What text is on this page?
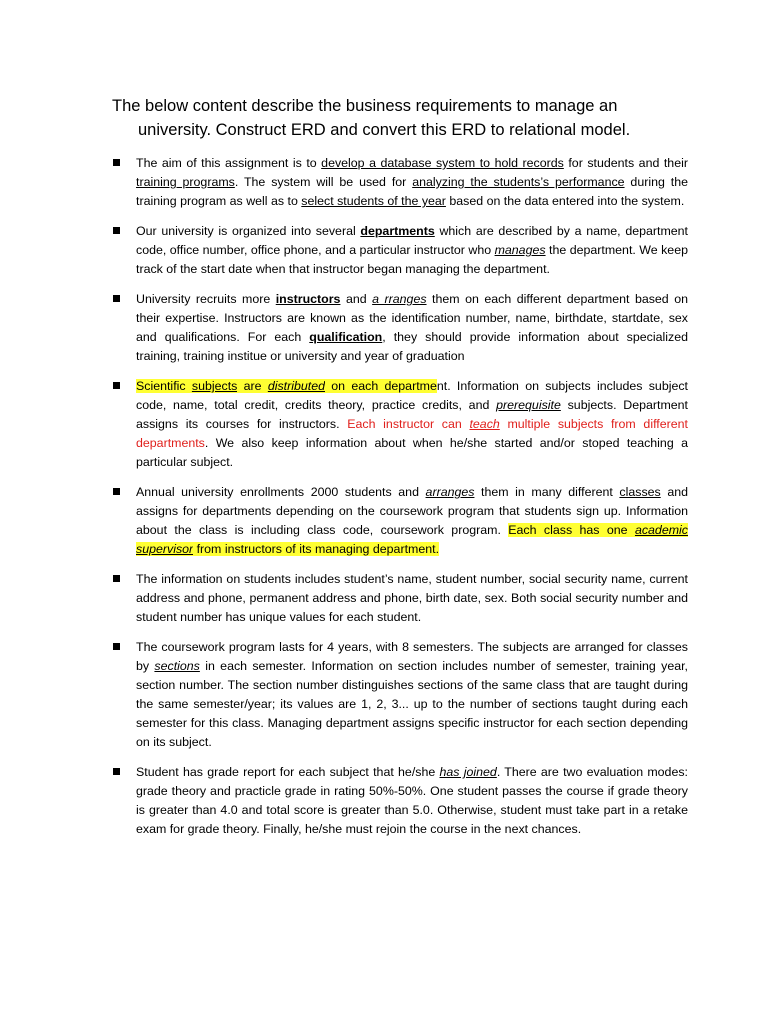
The below content describe the business requirements to manage an
university. Construct ERD and convert this ERD to relational model.
The aim of this assignment is to develop a database system to hold records for students and their training programs. The system will be used for analyzing the students’s performance during the training program as well as to select students of the year based on the data entered into the system.
Our university is organized into several departments which are described by a name, department code, office number, office phone, and a particular instructor who manages the department. We keep track of the start date when that instructor began managing the department.
University recruits more instructors and a rranges them on each different department based on their expertise. Instructors are known as the identification number, name, birthdate, startdate, sex and qualifications. For each qualification, they should provide information about specialized training, training institue or university and year of graduation
Scientific subjects are distributed on each department. Information on subjects includes subject code, name, total credit, credits theory, practice credits, and prerequisite subjects. Department assigns its courses for instructors. Each instructor can teach multiple subjects from different departments. We also keep information about when he/she started and/or stoped teaching a particular subject.
Annual university enrollments 2000 students and arranges them in many different classes and assigns for departments depending on the coursework program that students sign up. Information about the class is including class code, coursework program. Each class has one academic supervisor from instructors of its managing department.
The information on students includes student’s name, student number, social security name, current address and phone, permanent address and phone, birth date, sex. Both social security number and student number has unique values for each student.
The coursework program lasts for 4 years, with 8 semesters. The subjects are arranged for classes by sections in each semester. Information on section includes number of semester, training year, section number. The section number distinguishes sections of the same class that are taught during the same semester/year; its values are 1, 2, 3... up to the number of sections taught during each semester for this class. Managing department assigns specific instructor for each section depending on its subject.
Student has grade report for each subject that he/she has joined. There are two evaluation modes: grade theory and practicle grade in rating 50%-50%. One student passes the course if grade theory is greater than 4.0 and total score is greater than 5.0. Otherwise, student must take part in a retake exam for grade theory. Finally, he/she must rejoin the course in the next chances.
